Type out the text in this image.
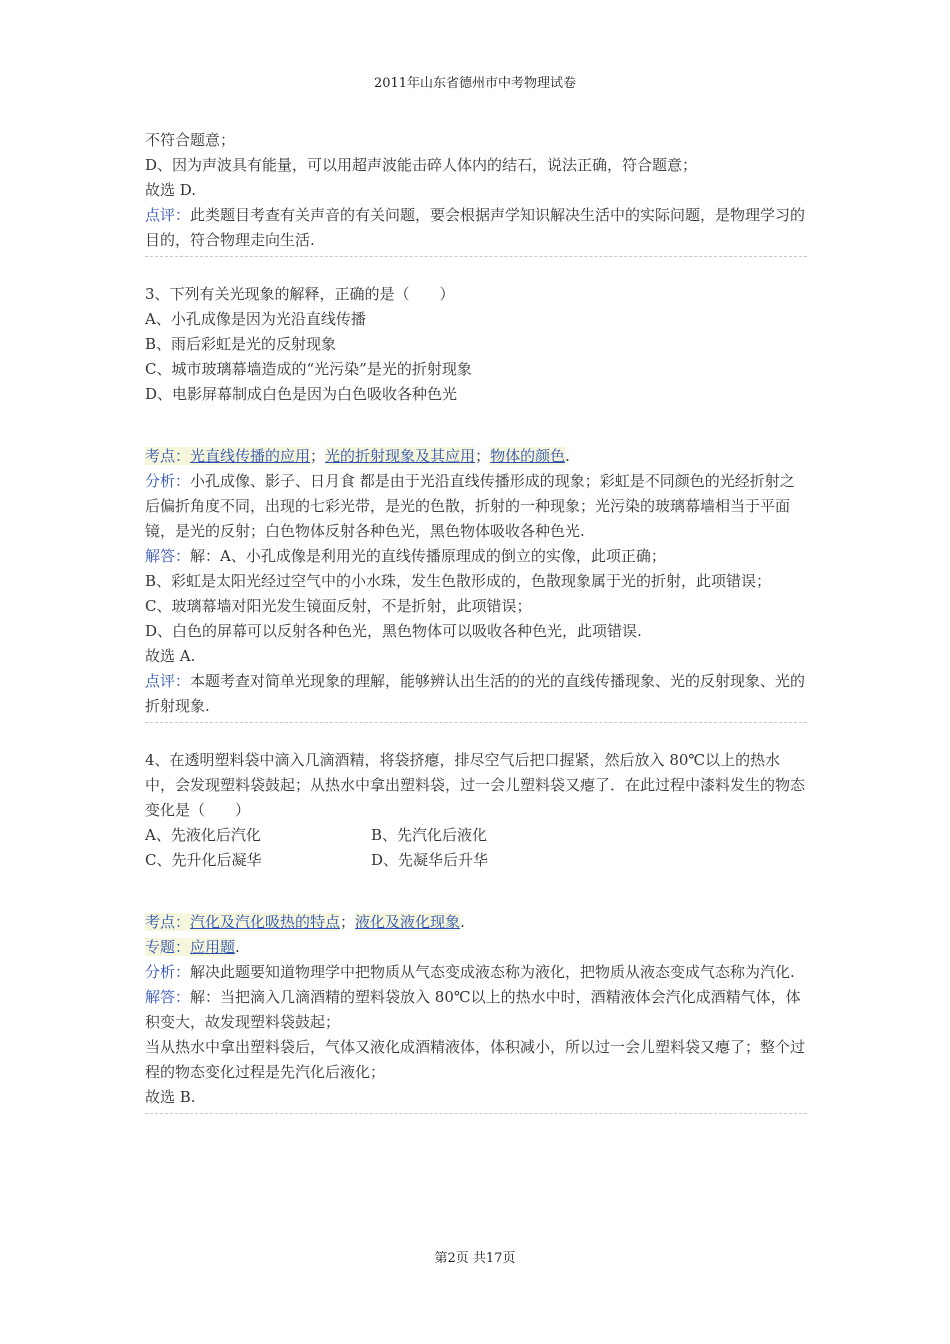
2011年山东省德州市中考物理试卷
不符合题意；
D、因为声波具有能量，可以用超声波能击碎人体内的结石，说法正确，符合题意；
故选 D.
点评：此类题目考查有关声音的有关问题，要会根据声学知识解决生活中的实际问题，是物理学习的目的，符合物理走向生活.
3、下列有关光现象的解释，正确的是（　　）
A、小孔成像是因为光沿直线传播
B、雨后彩虹是光的反射现象
C、城市玻璃幕墙造成的“光污染”是光的折射现象
D、电影屏幕制成白色是因为白色吸收各种色光
考点：光直线传播的应用；光的折射现象及其应用；物体的颜色.
分析：小孔成像、影子、日月食 都是由于光沿直线传播形成的现象；彩虹是不同颜色的光经折射之后偏折角度不同，出现的七彩光带，是光的色散，折射的一种现象；光污染的玻璃幕墙相当于平面镜，是光的反射；白色物体反射各种色光，黑色物体吸收各种色光.
解答：解：A、小孔成像是利用光的直线传播原理成的倒立的实像，此项正确；
B、彩虹是太阳光经过空气中的小水珠，发生色散形成的，色散现象属于光的折射，此项错误；
C、玻璃幕墙对阳光发生镜面反射，不是折射，此项错误；
D、白色的屏幕可以反射各种色光，黑色物体可以吸收各种色光，此项错误.
故选 A.
点评：本题考查对简单光现象的理解，能够辨认出生活的的光的直线传播现象、光的反射现象、光的折射现象.
4、在透明塑料袋中滴入几滴酒精，将袋挤瘪，排尽空气后把口握紧，然后放入 80℃以上的热水中，会发现塑料袋鼓起；从热水中拿出塑料袋，过一会儿塑料袋又瘪了．在此过程中漆料发生的物态变化是（　　）
A、先液化后汽化	B、先汽化后液化
C、先升化后凝华	D、先凝华后升华
考点：汽化及汽化吸热的特点；液化及液化现象.
专题：应用题.
分析：解决此题要知道物理学中把物质从气态变成液态称为液化，把物质从液态变成气态称为汽化.
解答：解：当把滴入几滴酒精的塑料袋放入 80℃以上的热水中时，酒精液体会汽化成酒精气体，体积变大，故发现塑料袋鼓起；
当从热水中拿出塑料袋后，气体又液化成酒精液体，体积减小，所以过一会儿塑料袋又瘪了；整个过程的物态变化过程是先汽化后液化；
故选 B.
第2页 共17页
